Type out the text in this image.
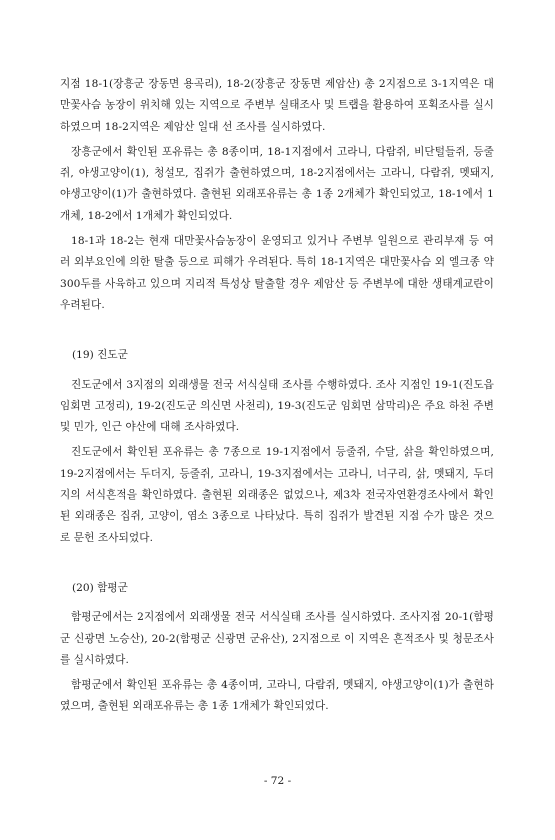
지점 18-1(장흥군 장동면 용곡리), 18-2(장흥군 장동면 제암산) 총 2지점으로 3-1지역은 대만꽃사슴 농장이 위치해 있는 지역으로 주변부 실태조사 및 트랩을 활용하여 포획조사를 실시하였으며 18-2지역은 제암산 일대 선 조사를 실시하였다.

장흥군에서 확인된 포유류는 총 8종이며, 18-1지점에서 고라니, 다람쥐, 비단털들쥐, 등줄쥐, 야생고양이(1), 청설모, 집쥐가 출현하였으며, 18-2지점에서는 고라니, 다람쥐, 멧돼지, 야생고양이(1)가 출현하였다. 출현된 외래포유류는 총 1종 2개체가 확인되었고, 18-1에서 1개체, 18-2에서 1개체가 확인되었다.

18-1과 18-2는 현재 대만꽃사슴농장이 운영되고 있거나 주변부 일원으로 관리부재 등 여러 외부요인에 의한 탈출 등으로 피해가 우려된다. 특히 18-1지역은 대만꽃사슴 외 엘크종 약 300두를 사육하고 있으며 지리적 특성상 탈출할 경우 제암산 등 주변부에 대한 생태계교란이 우려된다.

(19) 진도군

진도군에서 3지점의 외래생물 전국 서식실태 조사를 수행하였다. 조사 지점인 19-1(진도읍 임회면 고정리), 19-2(진도군 의신면 사천리), 19-3(진도군 임회면 삼막리)은 주요 하천 주변 및 민가, 인근 야산에 대해 조사하였다.

진도군에서 확인된 포유류는 총 7종으로 19-1지점에서 등줄쥐, 수달, 삵을 확인하였으며, 19-2지점에서는 두더지, 등줄쥐, 고라니, 19-3지점에서는 고라니, 너구리, 삵, 멧돼지, 두더지의 서식흔적을 확인하였다. 출현된 외래종은 없었으나, 제3차 전국자연환경조사에서 확인된 외래종은 집쥐, 고양이, 염소 3종으로 나타났다. 특히 집쥐가 발견된 지점 수가 많은 것으로 문헌 조사되었다.

(20) 함평군

함평군에서는 2지점에서 외래생물 전국 서식실태 조사를 실시하였다. 조사지점 20-1(함평군 신광면 노승산), 20-2(함평군 신광면 군유산), 2지점으로 이 지역은 흔적조사 및 청문조사를 실시하였다.

함평군에서 확인된 포유류는 총 4종이며, 고라니, 다람쥐, 멧돼지, 야생고양이(1)가 출현하였으며, 출현된 외래포유류는 총 1종 1개체가 확인되었다.

- 72 -
